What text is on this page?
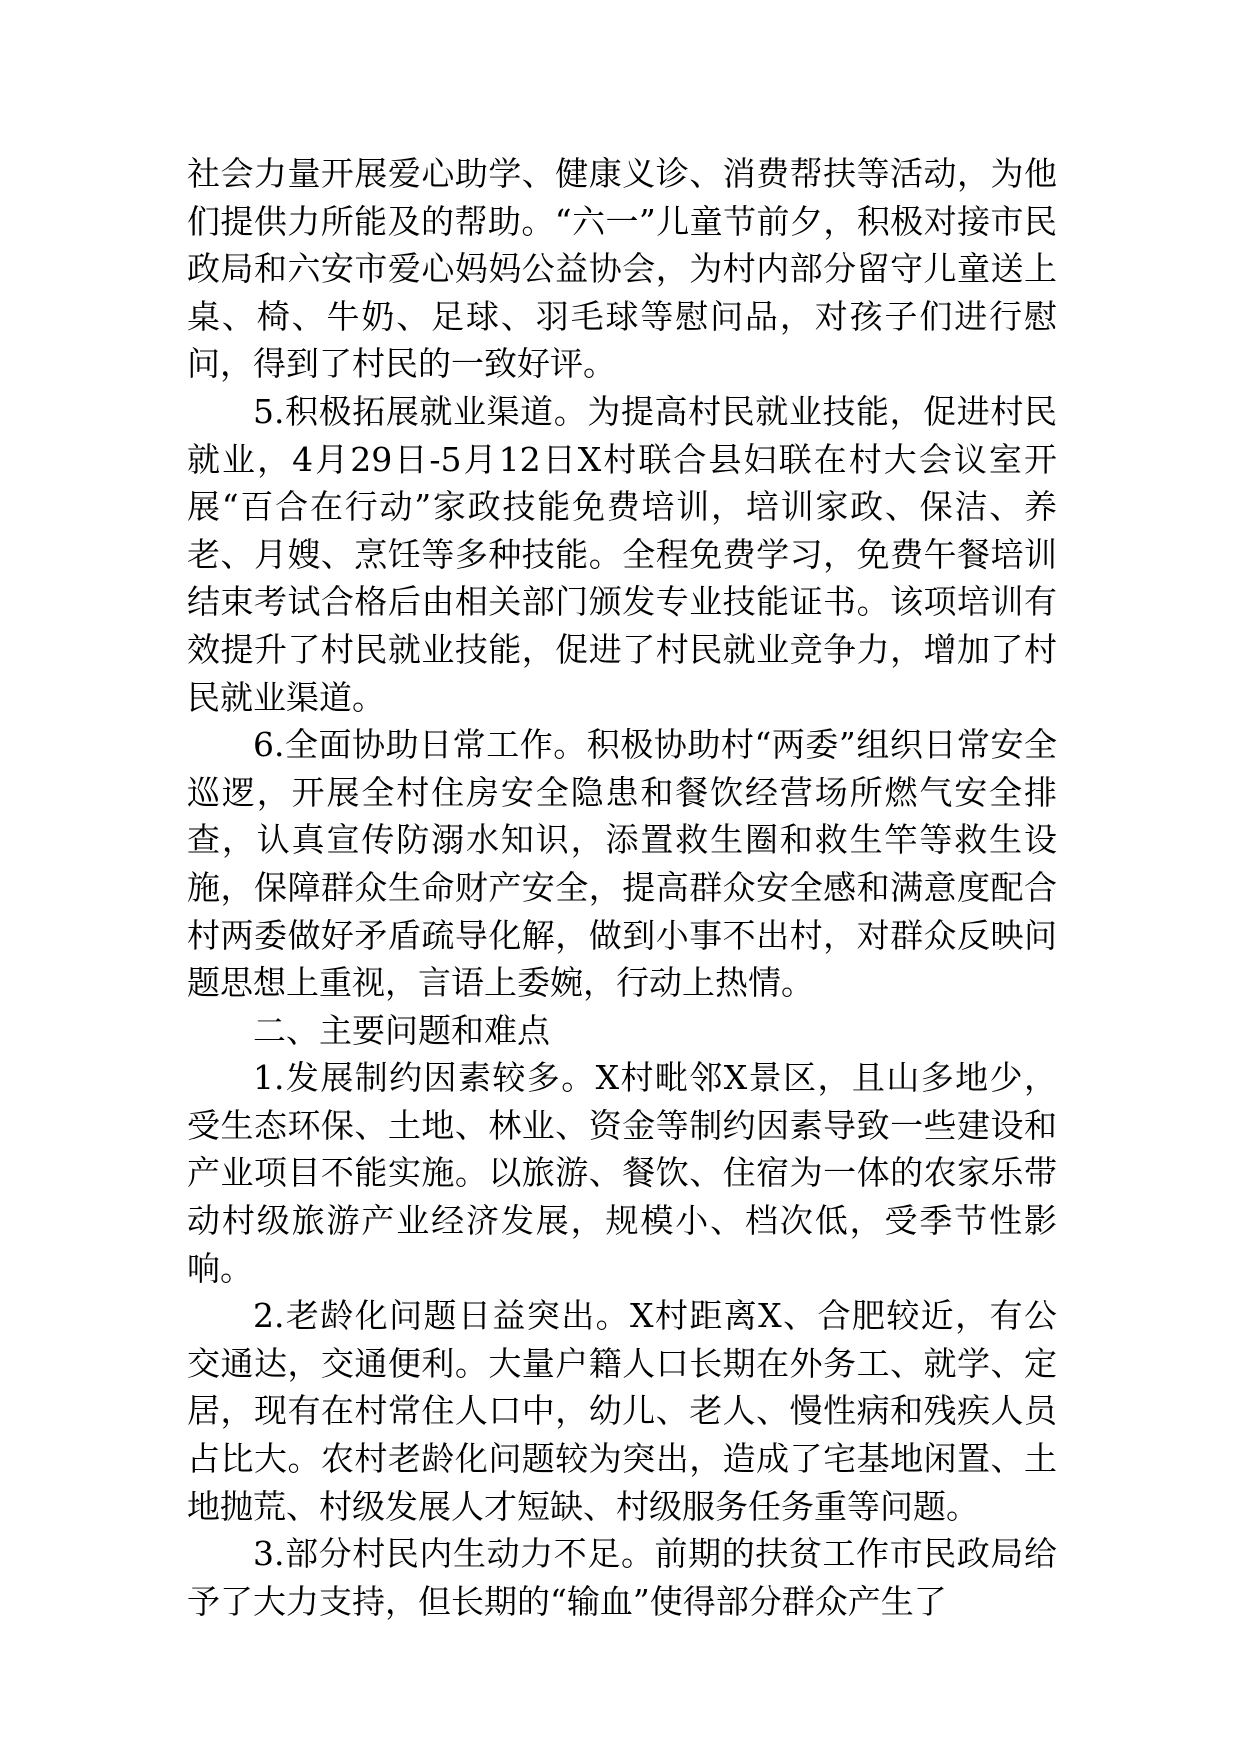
社会力量开展爱心助学、健康义诊、消费帮扶等活动，为他们提供力所能及的帮助。“六一”儿童节前夕，积极对接市民政局和六安市爱心妈妈公益协会，为村内部分留守儿童送上桌、椅、牛奶、足球、羽毛球等慰问品，对孩子们进行慰问，得到了村民的一致好评。

5.积极拓展就业渠道。为提高村民就业技能，促进村民就业，4月29日-5月12日X村联合县妇联在村大会议室开展“百合在行动”家政技能免费培训，培训家政、保洁、养老、月嫂、烹饪等多种技能。全程免费学习，免费午餐培训结束考试合格后由相关部门颁发专业技能证书。该项培训有效提升了村民就业技能，促进了村民就业竞争力，增加了村民就业渠道。

6.全面协助日常工作。积极协助村“两委”组织日常安全巡逻，开展全村住房安全隐患和餐饮经营场所燃气安全排查，认真宣传防溺水知识，添置救生圈和救生竿等救生设施，保障群众生命财产安全，提高群众安全感和满意度配合村两委做好矛盾疏导化解，做到小事不出村，对群众反映问题思想上重视，言语上委婉，行动上热情。

二、主要问题和难点

1.发展制约因素较多。X村毗邻X景区，且山多地少，受生态环保、土地、林业、资金等制约因素导致一些建设和产业项目不能实施。以旅游、餐饮、住宿为一体的农家乐带动村级旅游产业经济发展，规模小、档次低，受季节性影响。

2.老龄化问题日益突出。X村距离X、合肥较近，有公交通达，交通便利。大量户籍人口长期在外务工、就学、定居，现有在村常住人口中，幼儿、老人、慢性病和残疾人员占比大。农村老龄化问题较为突出，造成了宅基地闲置、土地抛荒、村级发展人才短缺、村级服务任务重等问题。

3.部分村民内生动力不足。前期的扶贫工作市民政局给予了大力支持，但长期的“输血”使得部分群众产生了
